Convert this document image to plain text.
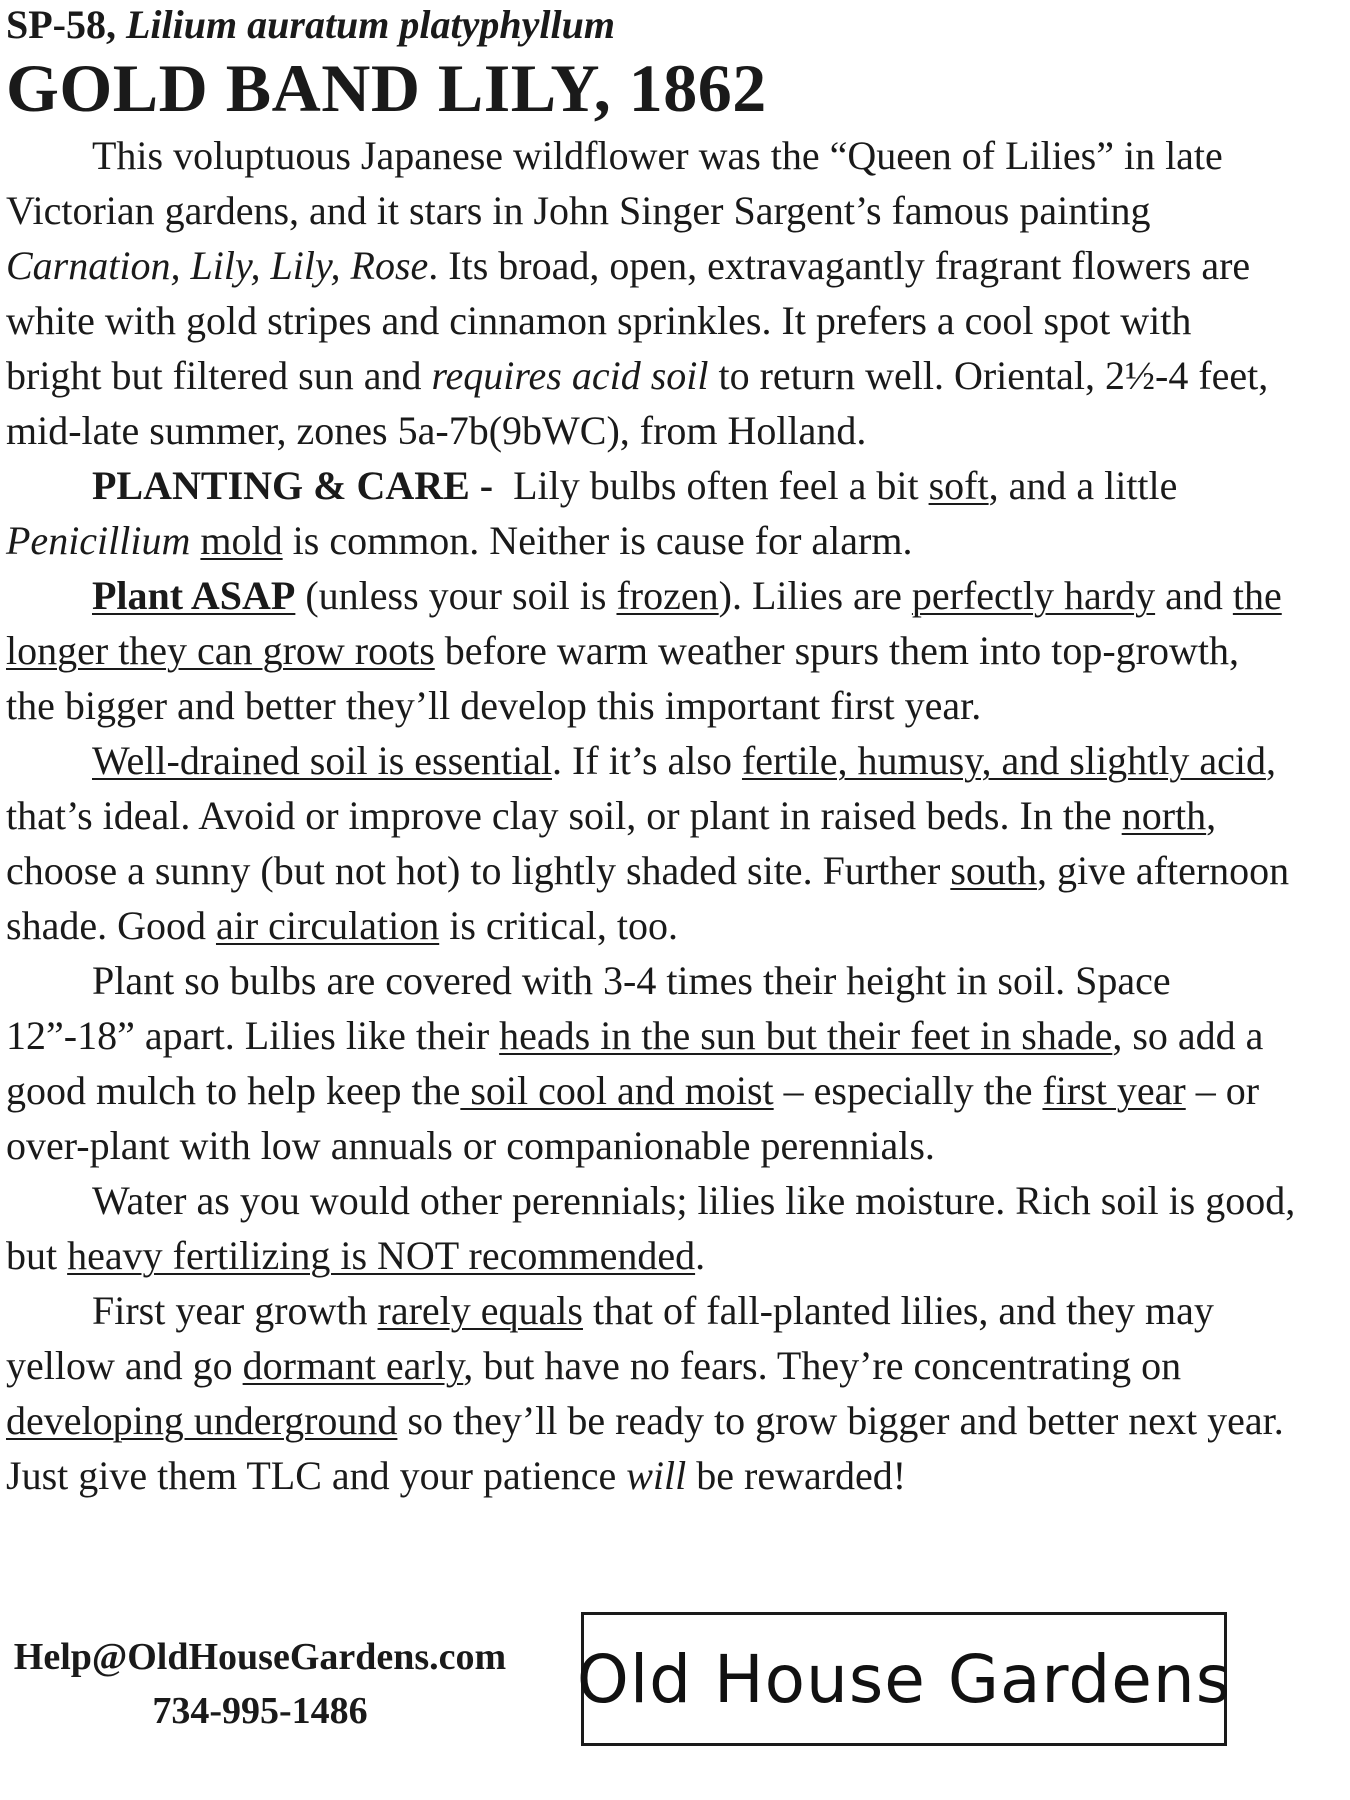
SP-58, Lilium auratum platyphyllum

GOLD BAND LILY, 1862

This voluptuous Japanese wildflower was the “Queen of Lilies” in late Victorian gardens, and it stars in John Singer Sargent’s famous painting Carnation, Lily, Lily, Rose. Its broad, open, extravagantly fragrant flowers are white with gold stripes and cinnamon sprinkles. It prefers a cool spot with bright but filtered sun and requires acid soil to return well. Oriental, 2½-4 feet, mid-late summer, zones 5a-7b(9bWC), from Holland.

PLANTING & CARE -  Lily bulbs often feel a bit soft, and a little Penicillium mold is common. Neither is cause for alarm.

Plant ASAP (unless your soil is frozen). Lilies are perfectly hardy and the longer they can grow roots before warm weather spurs them into top-growth, the bigger and better they’ll develop this important first year.

Well-drained soil is essential. If it’s also fertile, humusy, and slightly acid, that’s ideal. Avoid or improve clay soil, or plant in raised beds. In the north, choose a sunny (but not hot) to lightly shaded site. Further south, give afternoon shade. Good air circulation is critical, too.

Plant so bulbs are covered with 3-4 times their height in soil. Space 12”-18” apart. Lilies like their heads in the sun but their feet in shade, so add a good mulch to help keep the soil cool and moist – especially the first year – or over-plant with low annuals or companionable perennials.

Water as you would other perennials; lilies like moisture. Rich soil is good, but heavy fertilizing is NOT recommended.

First year growth rarely equals that of fall-planted lilies, and they may yellow and go dormant early, but have no fears. They’re concentrating on developing underground so they’ll be ready to grow bigger and better next year. Just give them TLC and your patience will be rewarded!

Help@OldHouseGardens.com
734-995-1486	Old House Gardens
